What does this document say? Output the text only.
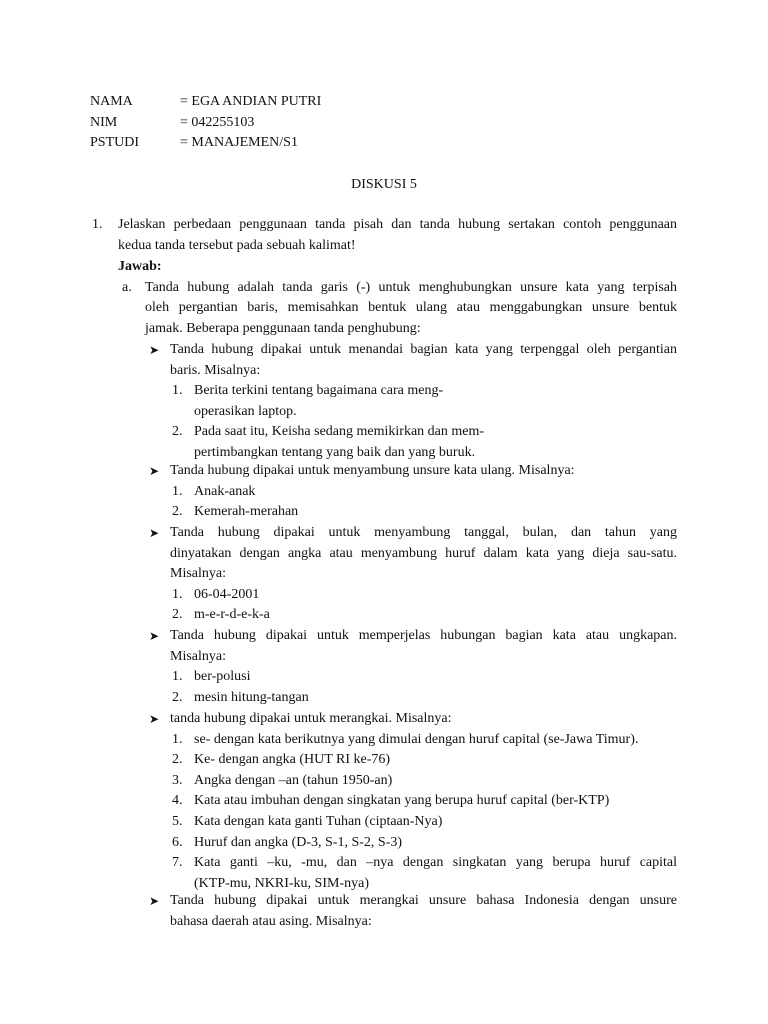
NAMA	= EGA ANDIAN PUTRI
NIM	= 042255103
PSTUDI	= MANAJEMEN/S1
DISKUSI 5
1. Jelaskan perbedaan penggunaan tanda pisah dan tanda hubung sertakan contoh penggunaan
kedua tanda tersebut pada sebuah kalimat!
Jawab:
a. Tanda hubung adalah tanda garis (-) untuk menghubungkan unsure kata yang terpisah
oleh pergantian baris, memisahkan bentuk ulang atau menggabungkan unsure bentuk
jamak. Beberapa penggunaan tanda penghubung:
➤ Tanda hubung dipakai untuk menandai bagian kata yang terpenggal oleh pergantian
baris. Misalnya:
1. Berita terkini tentang bagaimana cara meng-
operasikan laptop.
2. Pada saat itu, Keisha sedang memikirkan dan mem-
pertimbangkan tentang yang baik dan yang buruk.
➤ Tanda hubung dipakai untuk menyambung unsure kata ulang. Misalnya:
1. Anak-anak
2. Kemerah-merahan
➤ Tanda hubung dipakai untuk menyambung tanggal, bulan, dan tahun yang
dinyatakan dengan angka atau menyambung huruf dalam kata yang dieja sau-satu.
Misalnya:
1. 06-04-2001
2. m-e-r-d-e-k-a
➤ Tanda hubung dipakai untuk memperjelas hubungan bagian kata atau ungkapan.
Misalnya:
1. ber-polusi
2. mesin hitung-tangan
➤ tanda hubung dipakai untuk merangkai. Misalnya:
1. se- dengan kata berikutnya yang dimulai dengan huruf capital (se-Jawa Timur).
2. Ke- dengan angka (HUT RI ke-76)
3. Angka dengan –an (tahun 1950-an)
4. Kata atau imbuhan dengan singkatan yang berupa huruf capital (ber-KTP)
5. Kata dengan kata ganti Tuhan (ciptaan-Nya)
6. Huruf dan angka (D-3, S-1, S-2, S-3)
7. Kata ganti –ku, -mu, dan –nya dengan singkatan yang berupa huruf capital
(KTP-mu, NKRI-ku, SIM-nya)
➤ Tanda hubung dipakai untuk merangkai unsure bahasa Indonesia dengan unsure
bahasa daerah atau asing. Misalnya:
